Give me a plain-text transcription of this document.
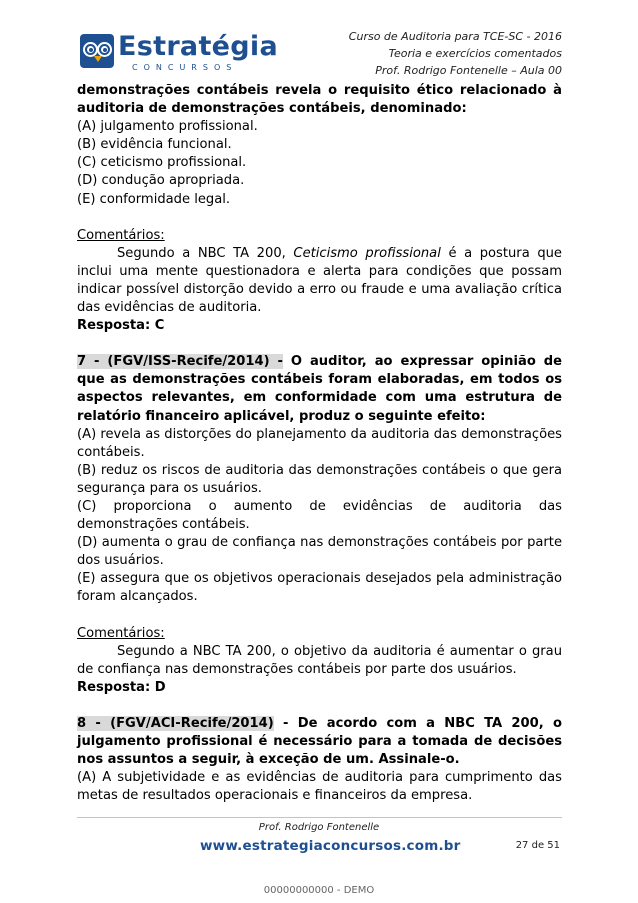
Estratégia
CONCURSOS
Curso de Auditoria para TCE-SC - 2016
Teoria e exercícios comentados
Prof. Rodrigo Fontenelle – Aula 00
demonstrações contábeis revela o requisito ético relacionado à
auditoria de demonstrações contábeis, denominado:
(A) julgamento profissional.
(B) evidência funcional.
(C) ceticismo profissional.
(D) condução apropriada.
(E) conformidade legal.
Comentários:

Segundo a NBC TA 200, Ceticismo profissional é a postura que inclui uma mente questionadora e alerta para condições que possam indicar possível distorção devido a erro ou fraude e uma avaliação crítica das evidências de auditoria.

Resposta: C

7 - (FGV/ISS-Recife/2014) - O auditor, ao expressar opinião de que as demonstrações contábeis foram elaboradas, em todos os aspectos relevantes, em conformidade com uma estrutura de relatório financeiro aplicável, produz o seguinte efeito:

(A) revela as distorções do planejamento da auditoria das demonstrações contábeis.

(B) reduz os riscos de auditoria das demonstrações contábeis o que gera segurança para os usuários.

(C) proporciona o aumento de evidências de auditoria das demonstrações contábeis.

(D) aumenta o grau de confiança nas demonstrações contábeis por parte dos usuários.

(E) assegura que os objetivos operacionais desejados pela administração foram alcançados.

Comentários:

Segundo a NBC TA 200, o objetivo da auditoria é aumentar o grau de confiança nas demonstrações contábeis por parte dos usuários.

Resposta: D

8 - (FGV/ACI-Recife/2014) - De acordo com a NBC TA 200, o julgamento profissional é necessário para a tomada de decisões nos assuntos a seguir, à exceção de um. Assinale-o.

(A) A subjetividade e as evidências de auditoria para cumprimento das metas de resultados operacionais e financeiros da empresa.

Prof. Rodrigo Fontenelle
www.estrategiaconcursos.com.br	27 de 51
00000000000 - DEMO
